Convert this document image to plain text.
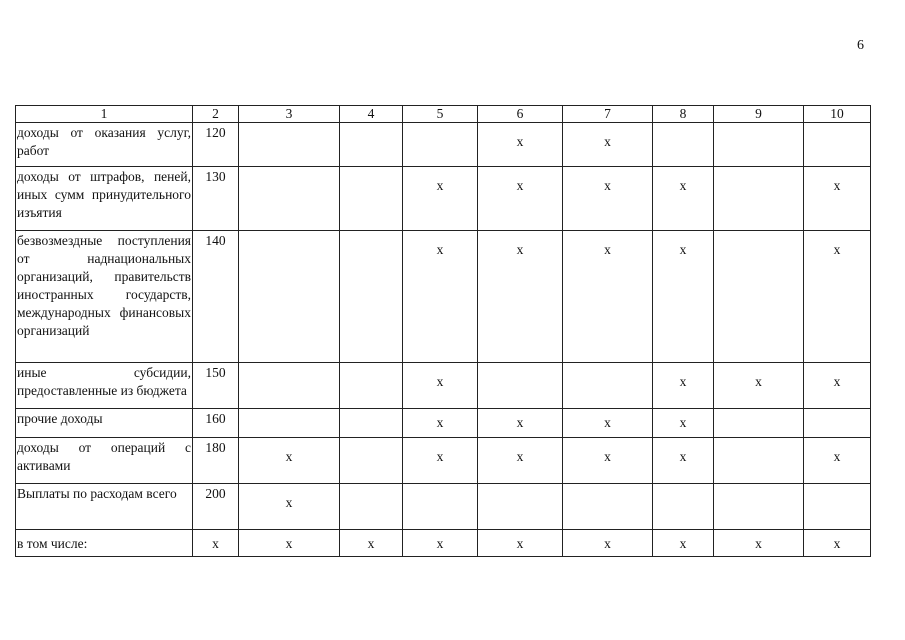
6
1	2	3	4	5	6	7	8	9	10
доходы от оказания услуг, работ	120				x	x			
доходы от штрафов, пеней, иных сумм принудительного изъятия	130			x	x	x	x		x
безвозмездные поступления от наднациональных организаций, правительств иностранных государств, международных финансовых организаций	140			x	x	x	x		x
иные субсидии, предоставленные из бюджета	150			x			x	x	x
прочие доходы	160			x	x	x	x		
доходы от операций с активами	180	x		x	x	x	x		x
Выплаты по расходам всего	200	x							
в том числе:	x	x	x	x	x	x	x	x	x
